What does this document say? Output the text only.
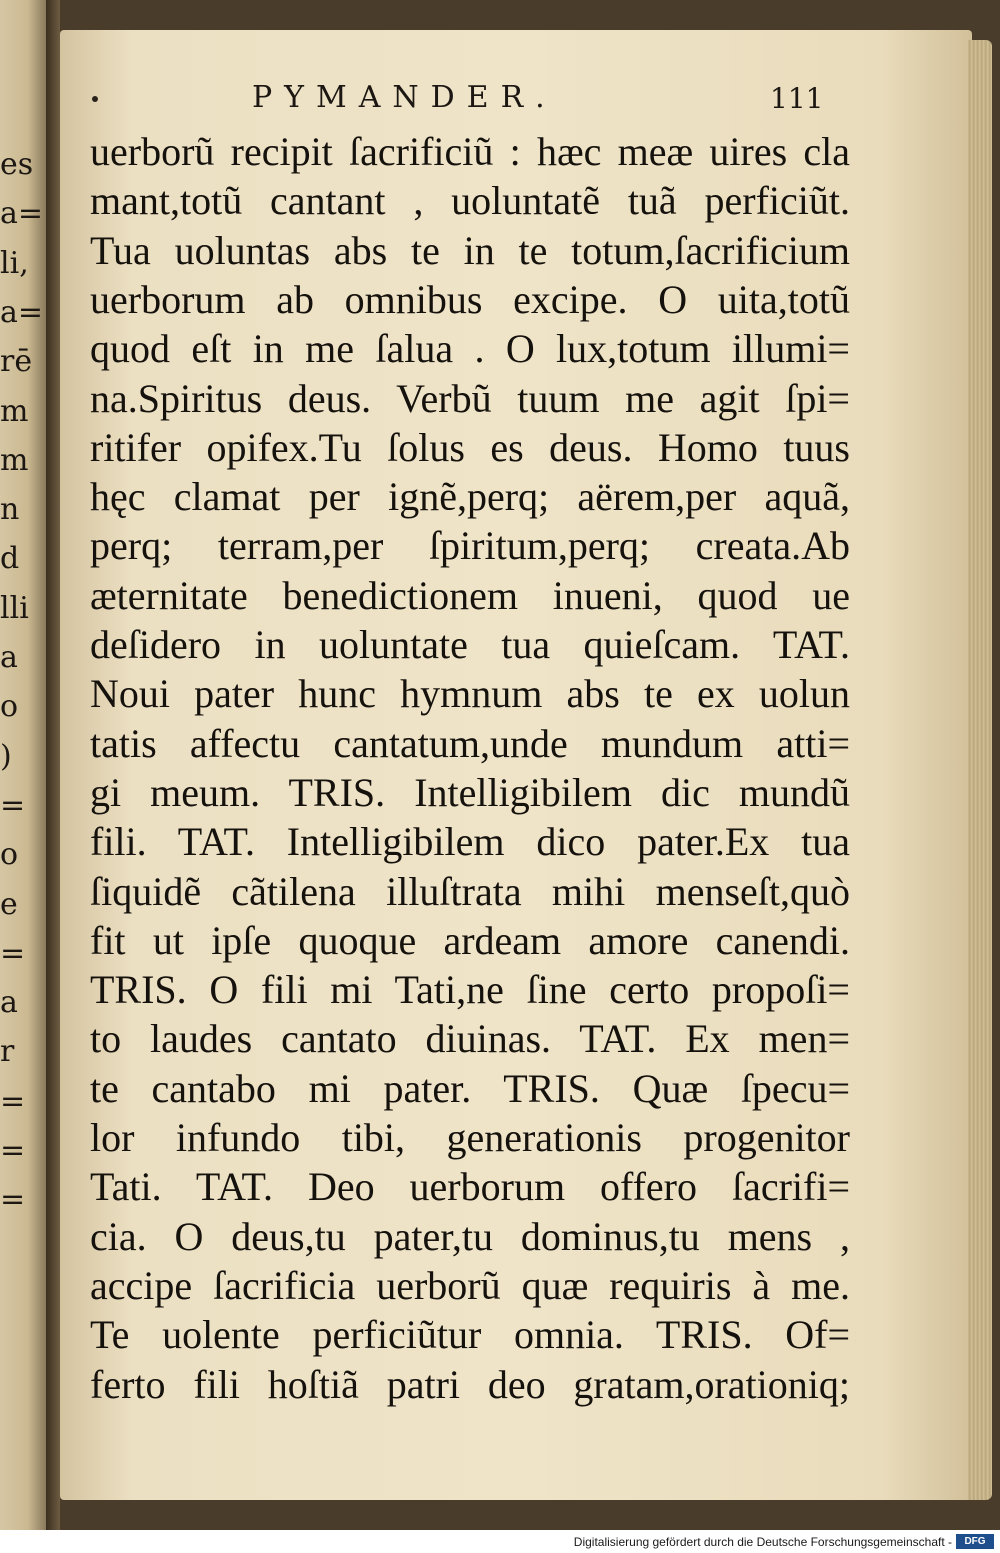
es
a=
li,
a=
rē
m
m
n
d
lli
a
o
)
=
o
e
=
a
r
=
=
=
PYMANDER.	111
uerborũ recipit ſacrificiũ : hæc meæ uires cla
mant,totũ cantant , uoluntatẽ tuã perficiũt.
Tua uoluntas abs te in te totum,ſacrificium
uerborum ab omnibus excipe. O uita,totũ
quod eſt in me ſalua . O lux,totum illumi=
na.Spiritus deus. Verbũ tuum me agit ſpi=
ritifer opifex.Tu ſolus es deus. Homo tuus
hęc clamat per ignẽ,perq; aërem,per aquã,
perq; terram,per ſpiritum,perq; creata.Ab
æternitate benedictionem inueni, quod ue
deſidero in uoluntate tua quieſcam. TAT.
Noui pater hunc hymnum abs te ex uolun
tatis affectu cantatum,unde mundum atti=
gi meum. TRIS. Intelligibilem dic mundũ
fili. TAT. Intelligibilem dico pater.Ex tua
ſiquidẽ cãtilena illuſtrata mihi menseſt,quò
fit ut ipſe quoque ardeam amore canendi.
TRIS. O fili mi Tati,ne ſine certo propoſi=
to laudes cantato diuinas. TAT. Ex men=
te cantabo mi pater. TRIS. Quæ ſpecu=
lor infundo tibi, generationis progenitor
Tati. TAT. Deo uerborum offero ſacrifi=
cia. O deus,tu pater,tu dominus,tu mens ,
accipe ſacrificia uerborũ quæ requiris à me.
Te uolente perficiũtur omnia. TRIS. Of=
ferto fili hoſtiã patri deo gratam,orationiq;
Digitalisierung gefördert durch die Deutsche Forschungsgemeinschaft -	DFG
